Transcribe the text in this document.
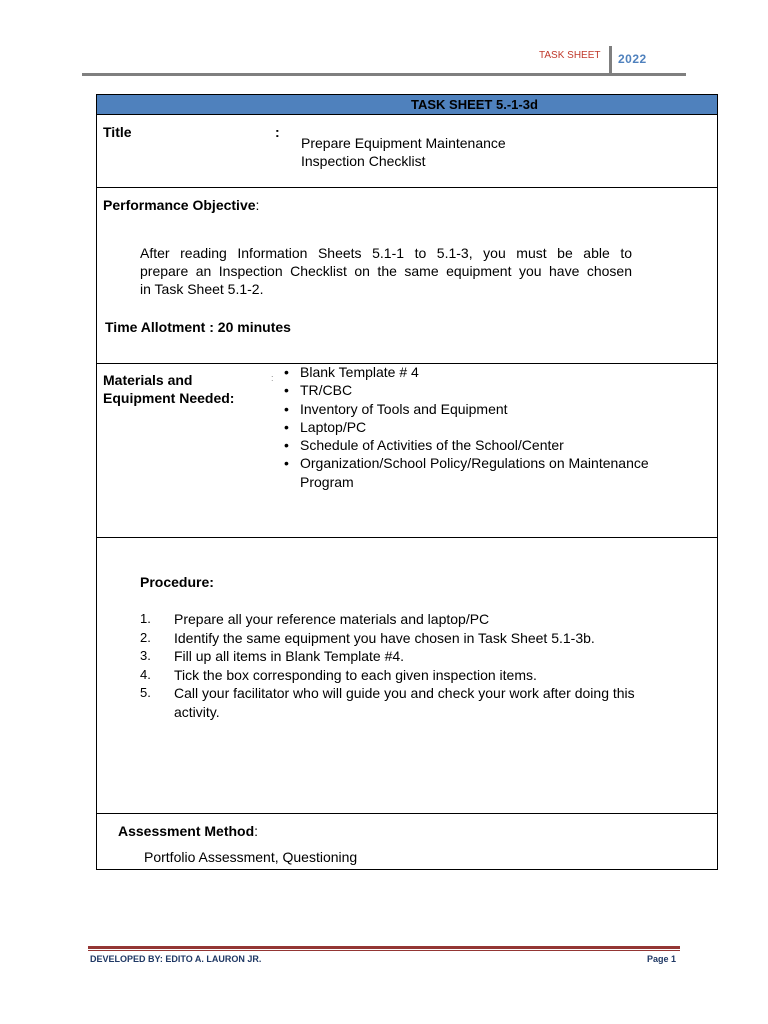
TASK SHEET 2022
TASK SHEET 5.-1-3d
Title	:
Prepare Equipment Maintenance
Inspection Checklist
Performance Objective:
After reading Information Sheets 5.1-1 to 5.1-3, you must be able to
prepare an Inspection Checklist on the same equipment you have chosen
in Task Sheet 5.1-2.
Time Allotment : 20 minutes
Materials and
Equipment Needed:
:
•	Blank Template # 4
• TR/CBC
• Inventory of Tools and Equipment
• Laptop/PC
• Schedule of Activities of the School/Center
• Organization/School Policy/Regulations on Maintenance
Program
Procedure:
1. Prepare all your reference materials and laptop/PC
2. Identify the same equipment you have chosen in Task Sheet 5.1-3b.
3. Fill up all items in Blank Template #4.
4. Tick the box corresponding to each given inspection items.
5. Call your facilitator who will guide you and check your work after doing this
activity.
Assessment Method:
Portfolio Assessment, Questioning
DEVELOPED BY: EDITO A. LAURON JR.	Page 1
